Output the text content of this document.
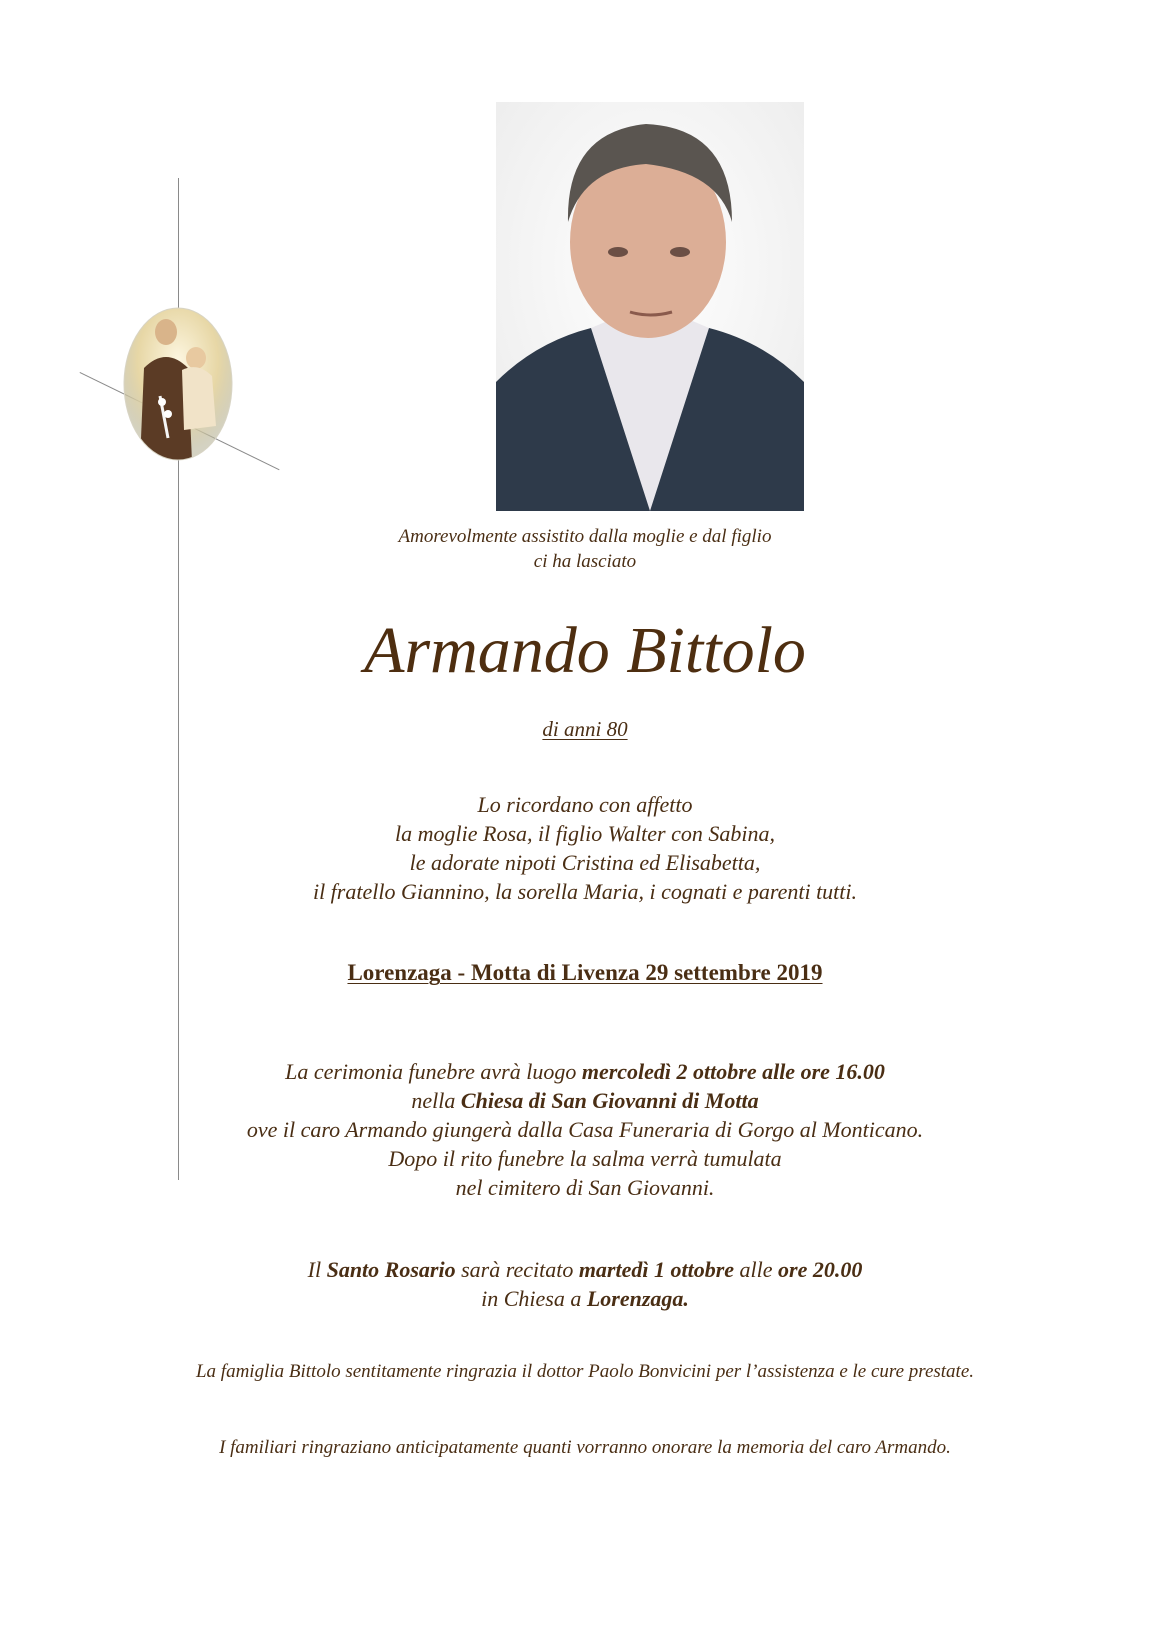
Amorevolmente assistito dalla moglie e dal figlio
ci ha lasciato
Armando Bittolo
di anni 80
Lo ricordano con affetto
la moglie Rosa, il figlio Walter con Sabina,
le adorate nipoti Cristina ed Elisabetta,
il fratello Giannino, la sorella Maria, i cognati e parenti tutti.
Lorenzaga - Motta di Livenza 29 settembre 2019
La cerimonia funebre avrà luogo mercoledì 2 ottobre alle ore 16.00
nella Chiesa di San Giovanni di Motta
ove il caro Armando giungerà dalla Casa Funeraria di Gorgo al Monticano.
Dopo il rito funebre la salma verrà tumulata
nel cimitero di San Giovanni.
Il Santo Rosario sarà recitato martedì 1 ottobre alle ore 20.00
in Chiesa a Lorenzaga.
La famiglia Bittolo sentitamente ringrazia il dottor Paolo Bonvicini per l’assistenza e le cure prestate.
I familiari ringraziano anticipatamente quanti vorranno onorare la memoria del caro Armando.
